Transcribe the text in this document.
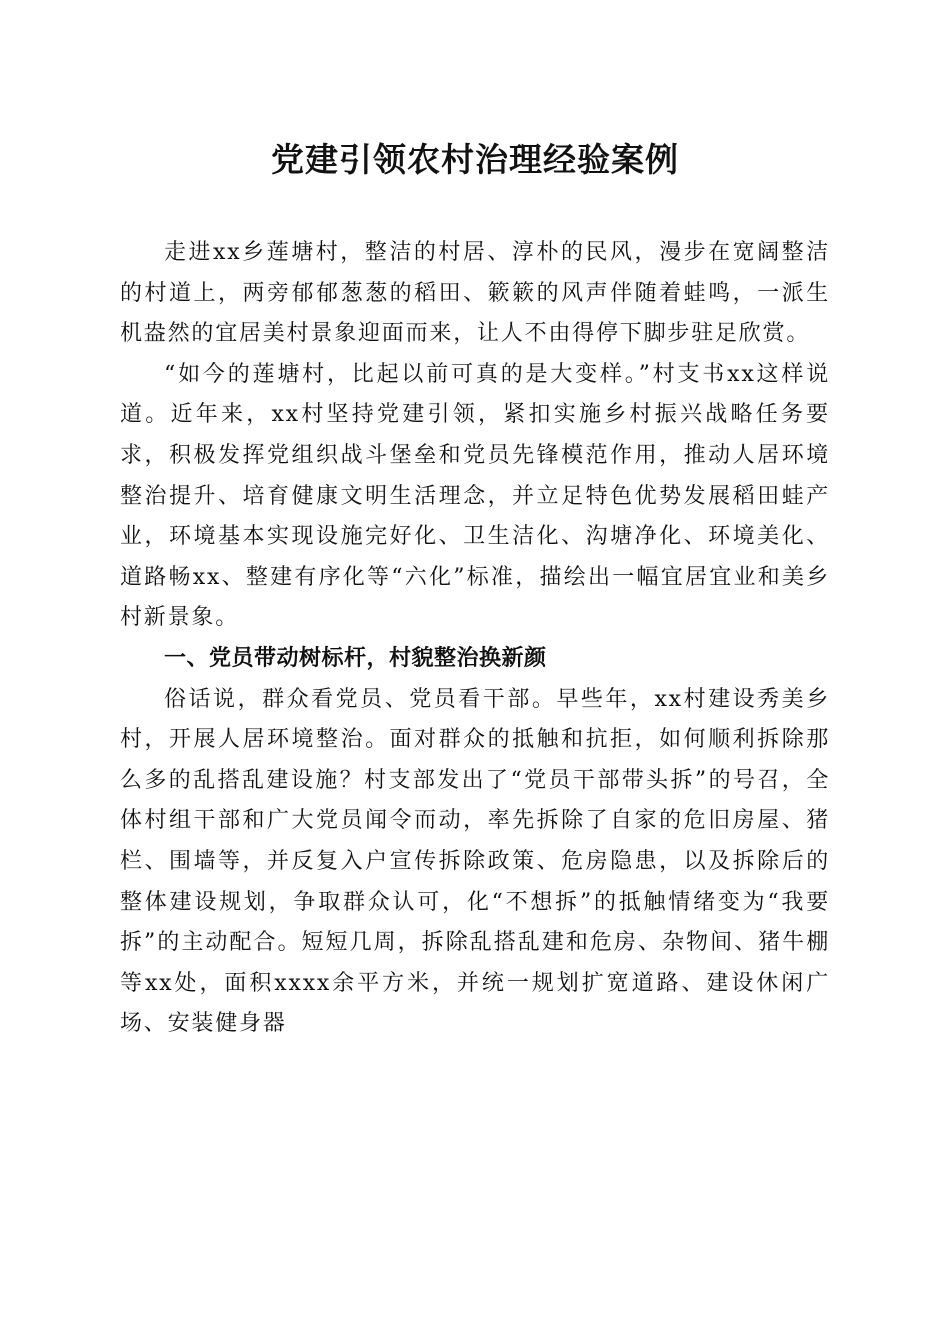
党建引领农村治理经验案例

走进xx乡莲塘村，整洁的村居、淳朴的民风，漫步在宽阔整洁的村道上，两旁郁郁葱葱的稻田、簌簌的风声伴随着蛙鸣，一派生机盎然的宜居美村景象迎面而来，让人不由得停下脚步驻足欣赏。

“如今的莲塘村，比起以前可真的是大变样。”村支书xx这样说道。近年来，xx村坚持党建引领，紧扣实施乡村振兴战略任务要求，积极发挥党组织战斗堡垒和党员先锋模范作用，推动人居环境整治提升、培育健康文明生活理念，并立足特色优势发展稻田蛙产业，环境基本实现设施完好化、卫生洁化、沟塘净化、环境美化、道路畅xx、整建有序化等“六化”标准，描绘出一幅宜居宜业和美乡村新景象。

一、党员带动树标杆，村貌整治换新颜

俗话说，群众看党员、党员看干部。早些年，xx村建设秀美乡村，开展人居环境整治。面对群众的抵触和抗拒，如何顺利拆除那么多的乱搭乱建设施？村支部发出了“党员干部带头拆”的号召，全体村组干部和广大党员闻令而动，率先拆除了自家的危旧房屋、猪栏、围墙等，并反复入户宣传拆除政策、危房隐患，以及拆除后的整体建设规划，争取群众认可，化“不想拆”的抵触情绪变为“我要拆”的主动配合。短短几周，拆除乱搭乱建和危房、杂物间、猪牛棚等xx处，面积xxxx余平方米，并统一规划扩宽道路、建设休闲广场、安装健身器
